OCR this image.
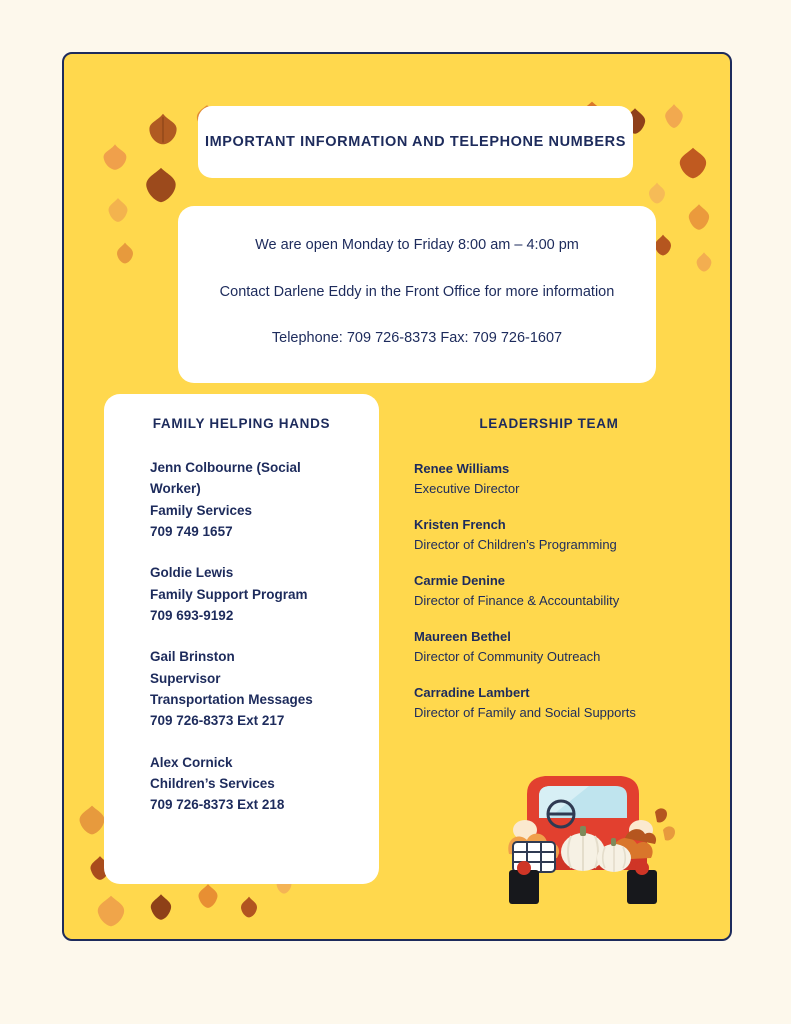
IMPORTANT INFORMATION AND TELEPHONE NUMBERS
We are open Monday to Friday 8:00 am – 4:00 pm
Contact Darlene Eddy in the Front Office for more information
Telephone: 709 726-8373 Fax: 709 726-1607
FAMILY HELPING HANDS
Jenn Colbourne (Social Worker)
Family Services
709 749 1657
Goldie Lewis
Family Support Program
709 693-9192
Gail Brinston
Supervisor
Transportation Messages
709 726-8373 Ext 217
Alex Cornick
Children’s Services
709 726-8373 Ext 218
LEADERSHIP TEAM
Renee Williams
Executive Director
Kristen French
Director of Children’s Programming
Carmie Denine
Director of Finance & Accountability
Maureen Bethel
Director of Community Outreach
Carradine Lambert
Director of Family and Social Supports
